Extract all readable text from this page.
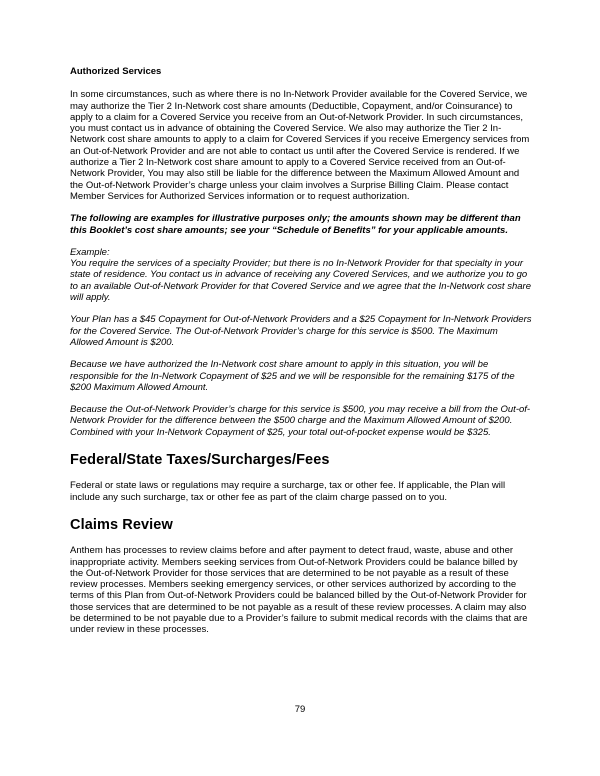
Authorized Services

In some circumstances, such as where there is no In-Network Provider available for the Covered Service, we may authorize the Tier 2 In-Network cost share amounts (Deductible, Copayment, and/or Coinsurance) to apply to a claim for a Covered Service you receive from an Out-of-Network Provider. In such circumstances, you must contact us in advance of obtaining the Covered Service. We also may authorize the Tier 2 In-Network cost share amounts to apply to a claim for Covered Services if you receive Emergency services from an Out-of-Network Provider and are not able to contact us until after the Covered Service is rendered. If we authorize a Tier 2 In-Network cost share amount to apply to a Covered Service received from an Out-of-Network Provider, You may also still be liable for the difference between the Maximum Allowed Amount and the Out-of-Network Provider’s charge unless your claim involves a Surprise Billing Claim. Please contact Member Services for Authorized Services information or to request authorization.

The following are examples for illustrative purposes only; the amounts shown may be different than this Booklet’s cost share amounts; see your “Schedule of Benefits” for your applicable amounts.

Example:
You require the services of a specialty Provider; but there is no In-Network Provider for that specialty in your state of residence. You contact us in advance of receiving any Covered Services, and we authorize you to go to an available Out-of-Network Provider for that Covered Service and we agree that the In-Network cost share will apply.

Your Plan has a $45 Copayment for Out-of-Network Providers and a $25 Copayment for In-Network Providers for the Covered Service. The Out-of-Network Provider’s charge for this service is $500. The Maximum Allowed Amount is $200.

Because we have authorized the In-Network cost share amount to apply in this situation, you will be responsible for the In-Network Copayment of $25 and we will be responsible for the remaining $175 of the $200 Maximum Allowed Amount.

Because the Out-of-Network Provider’s charge for this service is $500, you may receive a bill from the Out-of-Network Provider for the difference between the $500 charge and the Maximum Allowed Amount of $200. Combined with your In-Network Copayment of $25, your total out-of-pocket expense would be $325.

Federal/State Taxes/Surcharges/Fees

Federal or state laws or regulations may require a surcharge, tax or other fee. If applicable, the Plan will include any such surcharge, tax or other fee as part of the claim charge passed on to you.

Claims Review

Anthem has processes to review claims before and after payment to detect fraud, waste, abuse and other inappropriate activity. Members seeking services from Out-of-Network Providers could be balance billed by the Out-of-Network Provider for those services that are determined to be not payable as a result of these review processes. Members seeking emergency services, or other services authorized by according to the terms of this Plan from Out-of-Network Providers could be balanced billed by the Out-of-Network Provider for those services that are determined to be not payable as a result of these review processes. A claim may also be determined to be not payable due to a Provider’s failure to submit medical records with the claims that are under review in these processes.

79
